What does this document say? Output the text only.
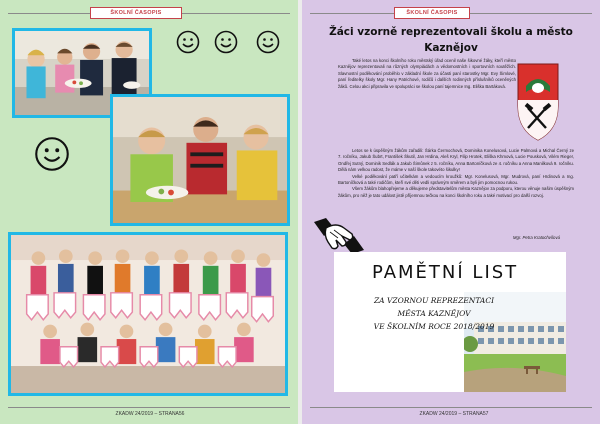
ŠKOLNÍ ČASOPIS
ZKADW 24/2019 – STRANA56
ŠKOLNÍ ČASOPIS
Žáci vzorně reprezentovali školu a město
Kaznějov

Také letos na konci školního roku městský úřad ocenil naše šikovné žáky, kteří město Kaznějov reprezentovali na různých olympiádách a vědomostních i sportovních soutěžích. Slavnostní poděkování proběhlo v základní škole za účasti paní starostky Mgr. Evy Šimlové, paní ředitelky školy Mgr. Hany Patrichové, rodičů i dalších rodinných příslušníků oceněných žáků. Celou akci připravila ve spolupráci se školou paní tajemnice Ing. Eliška Bartáková.

Letos se k úspěšným žákům zařadili: Šárka Čermochová, Dominika Konelusová, Lucie Palmová a Michal Černý ze 7. ročníku, Jakub Šubrt, František Škutil, Jan Hrdina, Aleš Kryl, Filip Hrotek, Eliška Khmová, Lucie Pousková, Vilém Rieger, Ondřej Sutný, Dominik Sedlák a Jakub Šimůnek z 5. ročníku, Anna Bartoníčková ze 4. ročníku a Anna Manilková 9. ročníku. Dělá nám velkou radost, že máme v naší škole takovéto šikulky!

Velké poděkování patří učitelkám a vedoucím kroužků: Mgr. Konelusová, Mgr. Mudrová, paní Hrdinová a Ing. Bartoníčková a také rodičům, kteří své děti vedli správným směrem a byli jim pomocnou rukou.

Všem žákům blahopřejeme a děkujeme představitelům města Kaznějov za podporu, kterou věnuje našim úspěšným žákům, pro něž je tato událost jistě příjemnou tečkou na konci školního roku a také motivací pro další rozvoj.

Mgr. Petra Kratochvílová
PAMĚTNÍ LIST
ZA VZORNOU REPREZENTACI
MĚSTA KAZNĚJOV
VE ŠKOLNÍM ROCE 2018/2019
ZKADW 24/2019 – STRANA57
